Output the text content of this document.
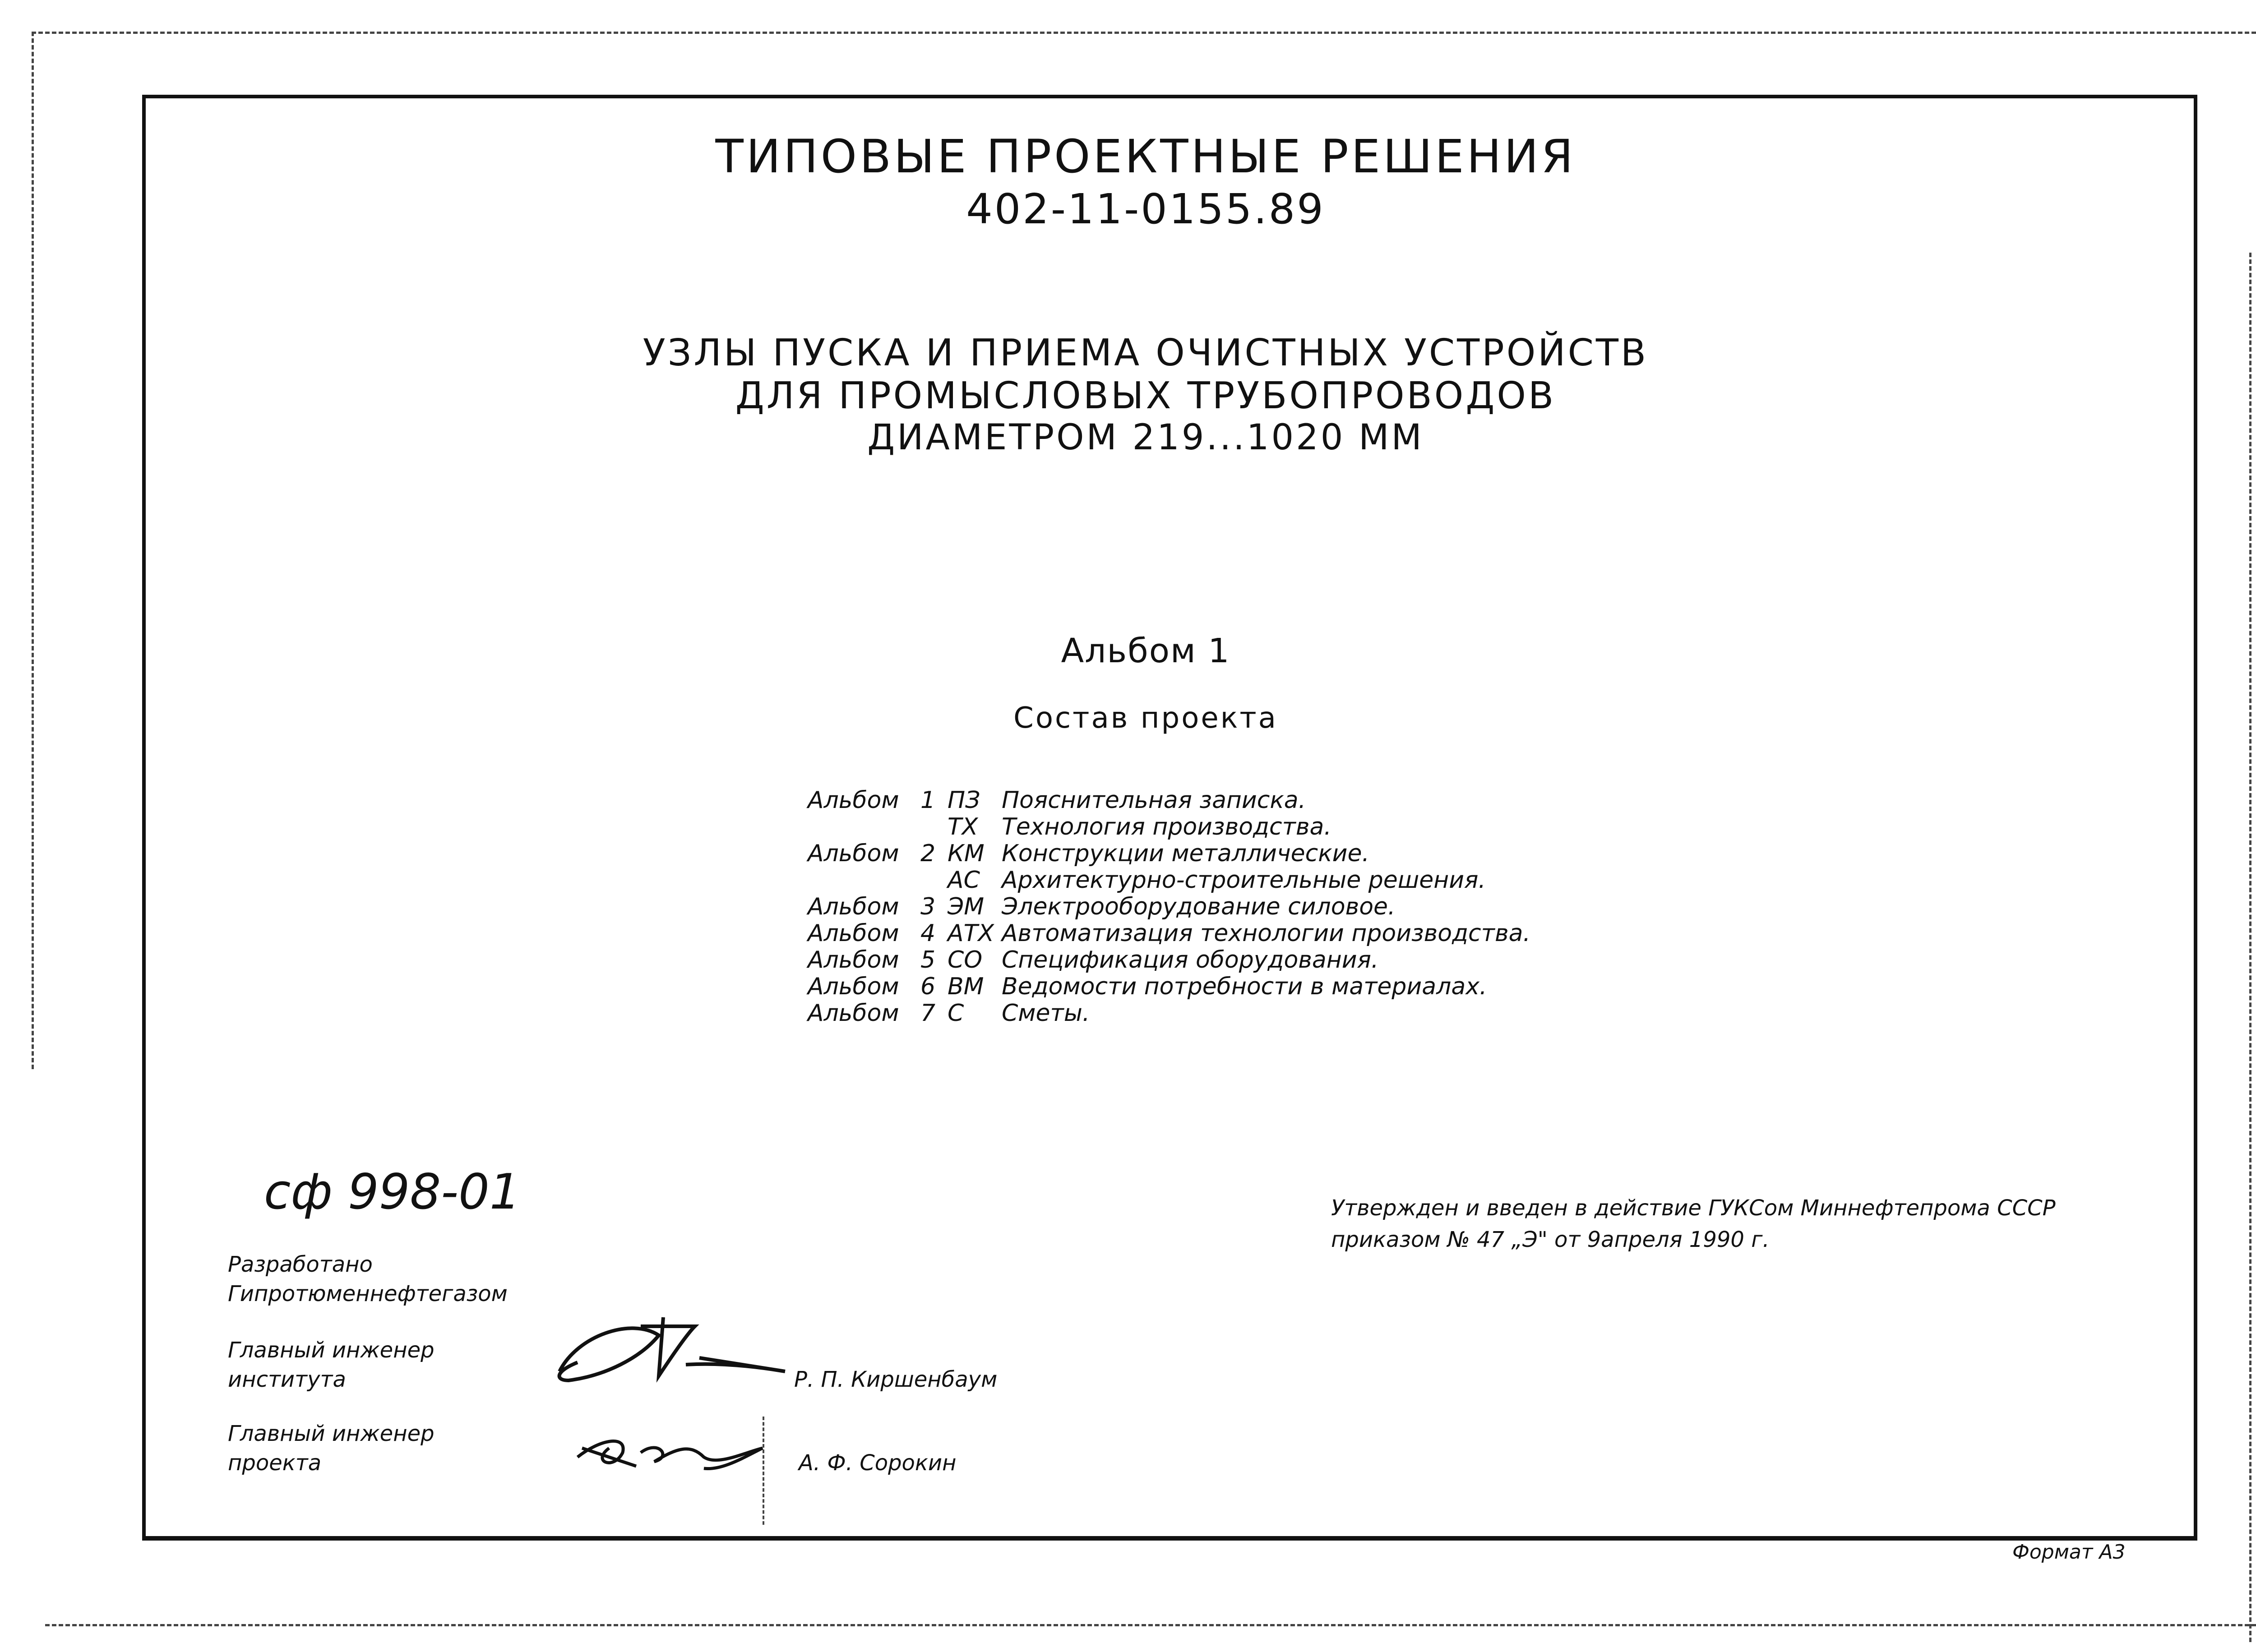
ТИПОВЫЕ ПРОЕКТНЫЕ РЕШЕНИЯ
402-11-0155.89
УЗЛЫ ПУСКА И ПРИЕМА ОЧИСТНЫХ УСТРОЙСТВ
ДЛЯ ПРОМЫСЛОВЫХ ТРУБОПРОВОДОВ
ДИАМЕТРОМ 219...1020 ММ
Альбом 1
Состав проекта
Альбом 1 ПЗ Пояснительная записка.
ТХ	Технология производства.
Альбом 2 КМ Конструкции металлические.
АС Архитектурно-строительные решения.
Альбом 3 ЭМ Электрооборудование силовое.
Альбом 4 АТХ Автоматизация технологии производства.
Альбом 5 СО Спецификация оборудования.
Альбом 6 ВМ Ведомости потребности в материалах.
Альбом 7 С	Сметы.
сф 998-01	Утвержден и введен в действие ГУКСом Миннефтепрома СССР
приказом № 47 „Э" от 9апреля 1990 г.
Разработано
Гипротюменнефтегазом
Главный инженер
института	Р. П. Киршенбаум
Главный инженер
проекта	А. Ф. Сорокин
Формат А3
